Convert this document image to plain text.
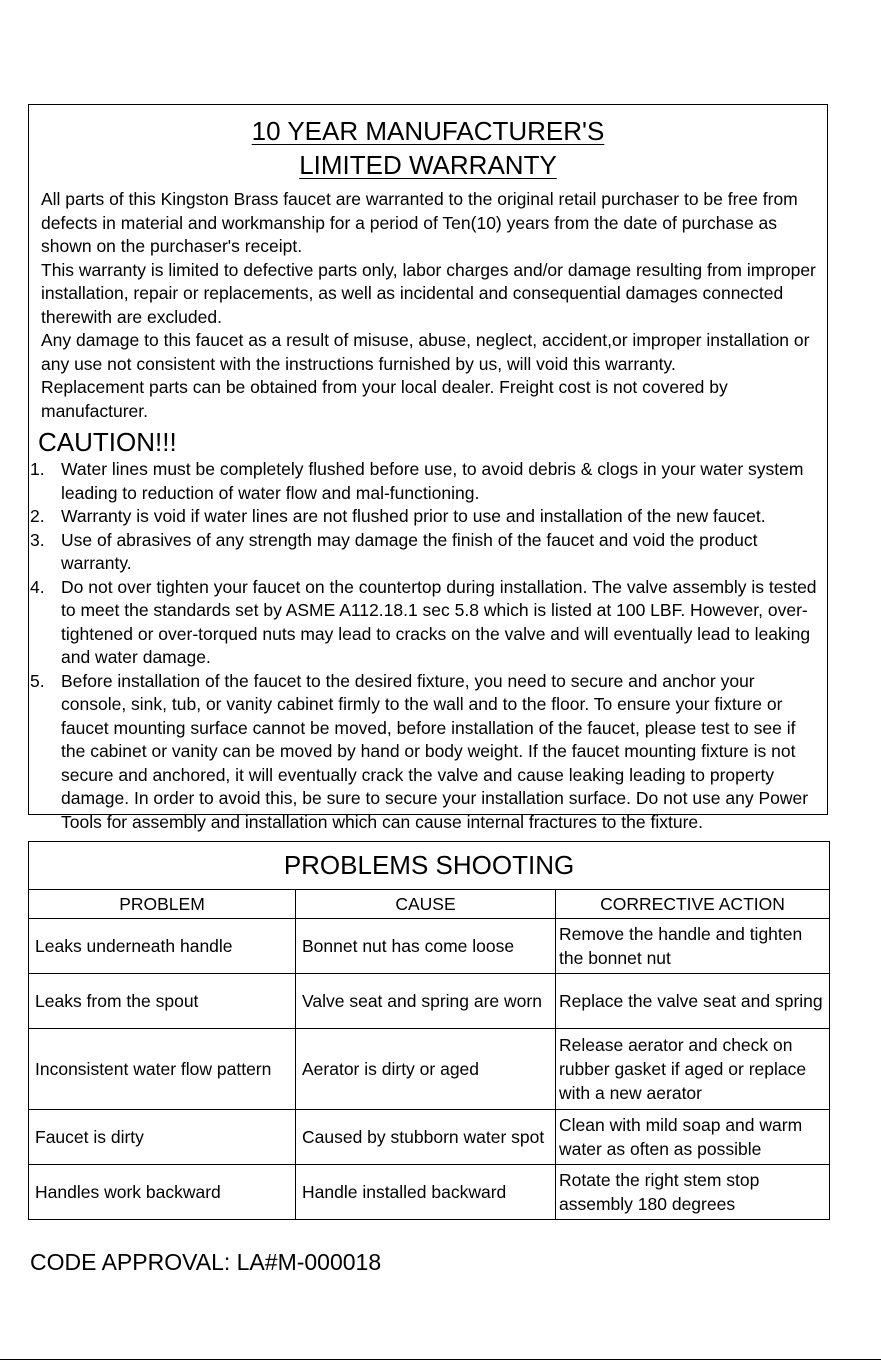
10 YEAR MANUFACTURER'S
LIMITED WARRANTY

All parts of this Kingston Brass faucet are warranted to the original retail purchaser to be free from defects in material and workmanship for a period of Ten(10) years from the date of purchase as shown on the purchaser's receipt.

This warranty is limited to defective parts only, labor charges and/or damage resulting from improper installation, repair or replacements, as well as incidental and consequential damages connected therewith are excluded.

Any damage to this faucet as a result of misuse, abuse, neglect, accident,or improper installation or any use not consistent with the instructions furnished by us, will void this warranty.

Replacement parts can be obtained from your local dealer. Freight cost is not covered by manufacturer.

CAUTION!!!
1. Water lines must be completely flushed before use, to avoid debris & clogs in your water system leading to reduction of water flow and mal-functioning.
2. Warranty is void if water lines are not flushed prior to use and installation of the new faucet.
3. Use of abrasives of any strength may damage the finish of the faucet and void the product warranty.
4. Do not over tighten your faucet on the countertop during installation. The valve assembly is tested to meet the standards set by ASME A112.18.1 sec 5.8 which is listed at 100 LBF. However, over-tightened or over-torqued nuts may lead to cracks on the valve and will eventually lead to leaking and water damage.
5. Before installation of the faucet to the desired fixture, you need to secure and anchor your console, sink, tub, or vanity cabinet firmly to the wall and to the floor. To ensure your fixture or faucet mounting surface cannot be moved, before installation of the faucet, please test to see if the cabinet or vanity can be moved by hand or body weight. If the faucet mounting fixture is not secure and anchored, it will eventually crack the valve and cause leaking leading to property damage. In order to avoid this, be sure to secure your installation surface. Do not use any Power Tools for assembly and installation which can cause internal fractures to the fixture.
PROBLEMS SHOOTING		
PROBLEM	CAUSE	CORRECTIVE ACTION

Leaks underneath handle	Bonnet nut has come loose	Remove the handle and tighten the bonnet nut

Leaks from the spout	Valve seat and spring are worn	Replace the valve seat and spring

Inconsistent water flow pattern	Aerator is dirty or aged	Release aerator and check on rubber gasket if aged or replace with a new aerator

Faucet is dirty	Caused by stubborn water spot	Clean with mild soap and warm water as often as possible

Handles work backward	Handle installed backward	Rotate the right stem stop assembly 180 degrees
CODE APPROVAL: LA#M-000018
